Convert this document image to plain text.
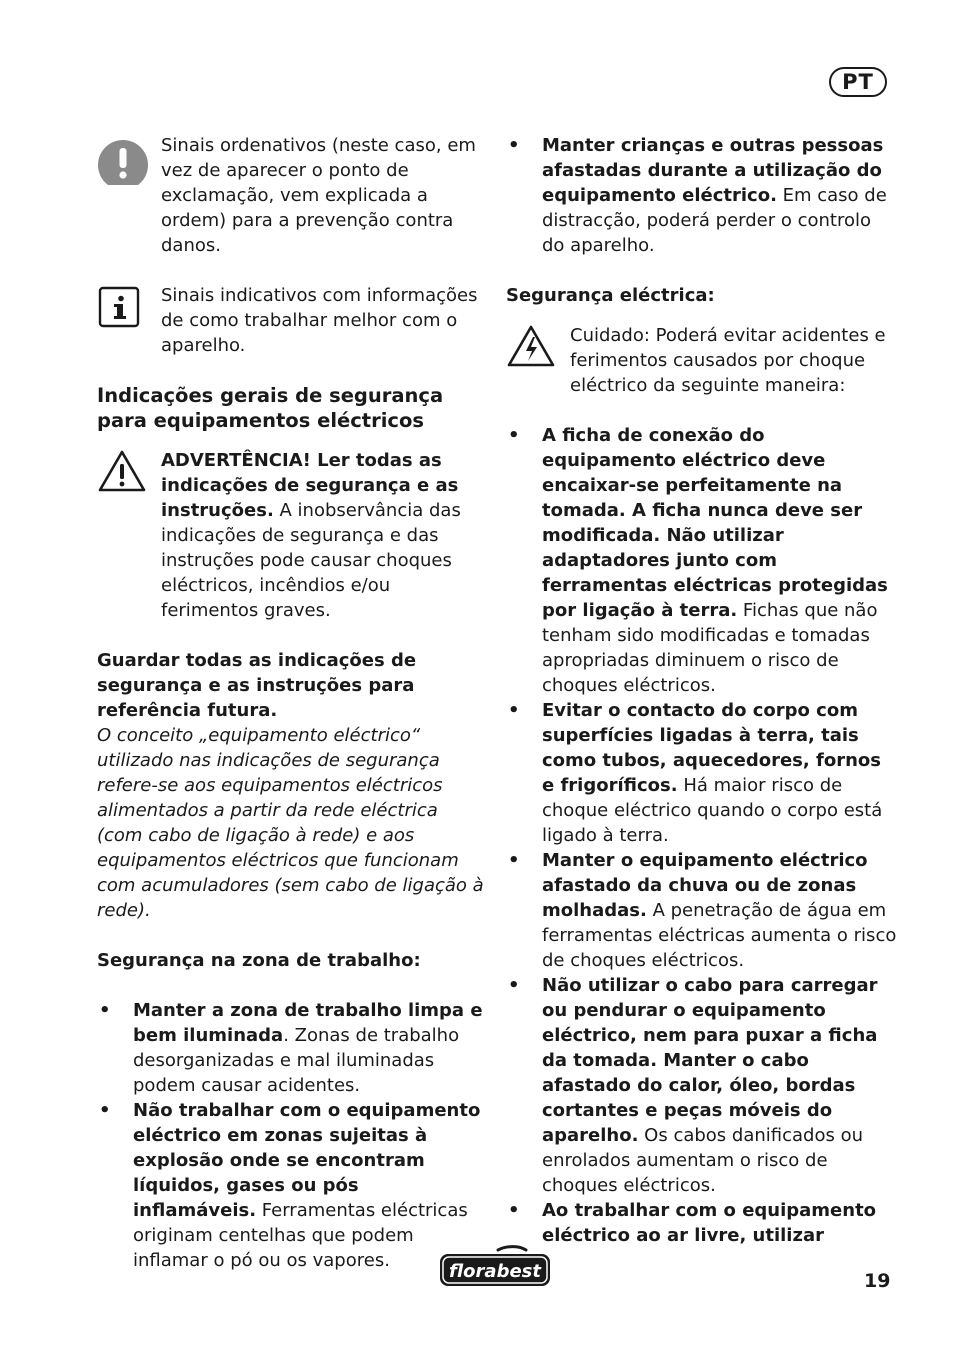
PT

Sinais ordenativos (neste caso, em vez de aparecer o ponto de exclamação, vem explicada a ordem) para a prevenção contra danos.

Sinais indicativos com informações de como trabalhar melhor com o aparelho.

Indicações gerais de segurança para equipamentos eléctricos

ADVERTÊNCIA! Ler todas as indicações de segurança e as instruções. A inobservância das indicações de segurança e das instruções pode causar choques eléctricos, incêndios e/ou ferimentos graves.

Guardar todas as indicações de segurança e as instruções para referência futura.

O conceito „equipamento eléctrico“ utilizado nas indicações de segurança refere-se aos equipamentos eléctricos alimentados a partir da rede eléctrica (com cabo de ligação à rede) e aos equipamentos eléctricos que funcionam com acumuladores (sem cabo de ligação à rede).

Segurança na zona de trabalho:
• Manter a zona de trabalho limpa e bem iluminada. Zonas de trabalho desorganizadas e mal iluminadas podem causar acidentes.
• Não trabalhar com o equipamento eléctrico em zonas sujeitas à explosão onde se encontram líquidos, gases ou pós inflamáveis. Ferramentas eléctricas originam centelhas que podem inflamar o pó ou os vapores.
• Manter crianças e outras pessoas afastadas durante a utilização do equipamento eléctrico. Em caso de distracção, poderá perder o controlo do aparelho.
Segurança eléctrica:

Cuidado: Poderá evitar acidentes e ferimentos causados por choque eléctrico da seguinte maneira:

• A ficha de conexão do equipamento eléctrico deve encaixar-se perfeitamente na tomada. A ficha nunca deve ser modificada. Não utilizar adaptadores junto com ferramentas eléctricas protegidas por ligação à terra. Fichas que não tenham sido modificadas e tomadas apropriadas diminuem o risco de choques eléctricos.
• Evitar o contacto do corpo com superfícies ligadas à terra, tais como tubos, aquecedores, fornos e frigoríficos. Há maior risco de choque eléctrico quando o corpo está ligado à terra.
• Manter o equipamento eléctrico afastado da chuva ou de zonas molhadas. A penetração de água em ferramentas eléctricas aumenta o risco de choques eléctricos.
• Não utilizar o cabo para carregar ou pendurar o equipamento eléctrico, nem para puxar a ficha da tomada. Manter o cabo afastado do calor, óleo, bordas cortantes e peças móveis do aparelho. Os cabos danificados ou enrolados aumentam o risco de choques eléctricos.
• Ao trabalhar com o equipamento eléctrico ao ar livre, utilizar
florabest	19
